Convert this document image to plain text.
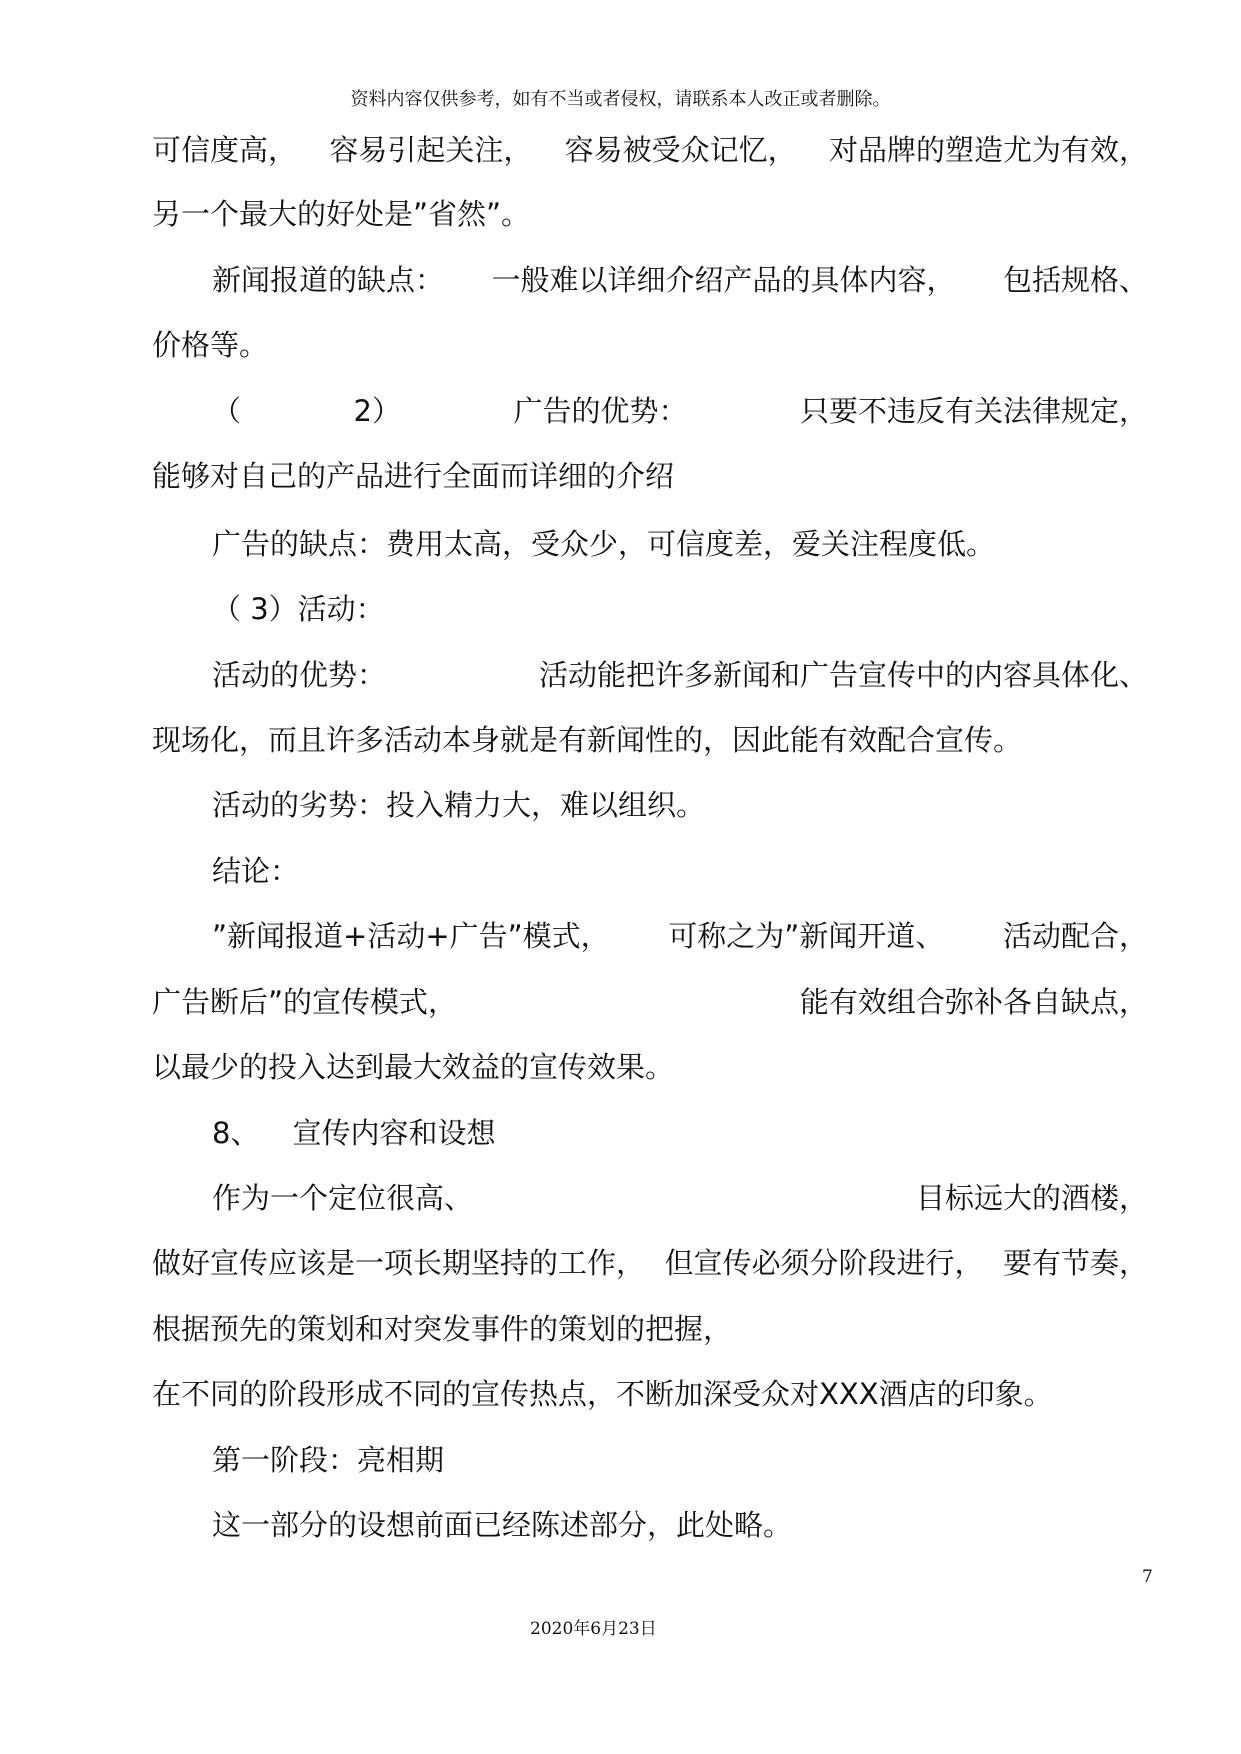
资料内容仅供参考，如有不当或者侵权，请联系本人改正或者删除。
可信度高， 容易引起关注， 容易被受众记忆， 对品牌的塑造尤为有效，
另一个最大的好处是”省然”。
新闻报道的缺点： 一般难以详细介绍产品的具体内容， 包括规格、
价格等。
（	2）	广告的优势：	只要不违反有关法律规定，
能够对自己的产品进行全面而详细的介绍
广告的缺点：费用太高，受众少，可信度差，爱关注程度低。
（ 3）活动：
活动的优势：	活动能把许多新闻和广告宣传中的内容具体化、
现场化，而且许多活动本身就是有新闻性的，因此能有效配合宣传。
活动的劣势：投入精力大，难以组织。
结论：
”新闻报道+活动+广告”模式， 可称之为”新闻开道、 活动配合，
广告断后”的宣传模式，	能有效组合弥补各自缺点，
以最少的投入达到最大效益的宣传效果。
8、 宣传内容和设想
作为一个定位很高、	目标远大的酒楼，
做好宣传应该是一项长期坚持的工作， 但宣传必须分阶段进行， 要有节奏，
根据预先的策划和对突发事件的策划的把握，
在不同的阶段形成不同的宣传热点，不断加深受众对XXX酒店的印象。
第一阶段：亮相期
这一部分的设想前面已经陈述部分，此处略。
7
2020年6月23日
